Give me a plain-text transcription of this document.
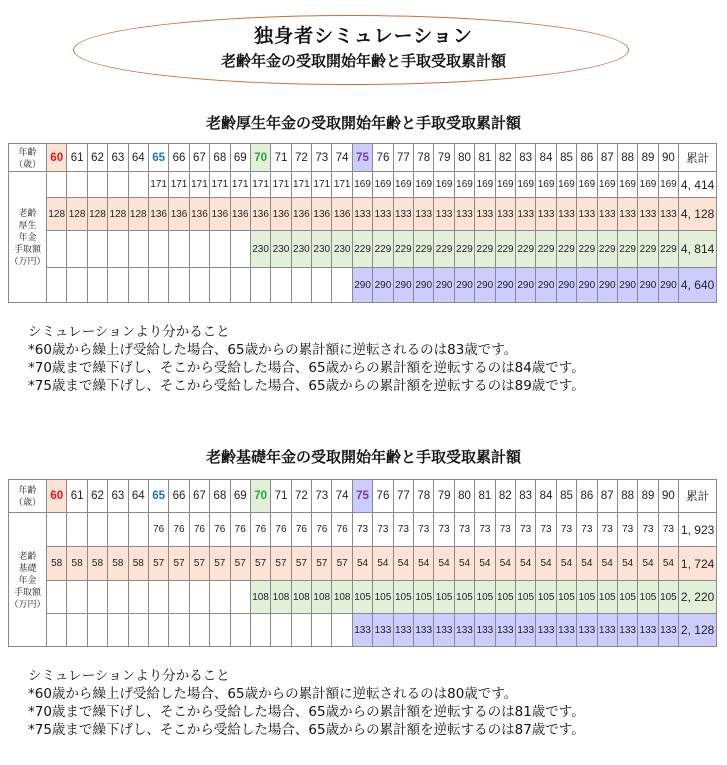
独身者シミュレーション
老齢年金の受取開始年齢と手取受取累計額
老齢厚生年金の受取開始年齢と手取受取累計額
年齢
（歳）	60	61	62	63	64	65	66	67	68	69	70	71	72	73	74	75	76	77	78	79	80	81	82	83	84	85	86	87	88	89	90	累計

老齢
厚生
年金
手取額
（万円）						171	171	171	171	171	171	171	171	171	171	169	169	169	169	169	169	169	169	169	169	169	169	169	169	169	169	4, 414
	128	128	128	128	128	136	136	136	136	136	136	136	136	136	136	133	133	133	133	133	133	133	133	133	133	133	133	133	133	133	133	4, 128
											230	230	230	230	230	229	229	229	229	229	229	229	229	229	229	229	229	229	229	229	229	4, 814
																290	290	290	290	290	290	290	290	290	290	290	290	290	290	290	290	4, 640
シミュレーションより分かること
*60歳から繰上げ受給した場合、65歳からの累計額に逆転されるのは83歳です。
*70歳まで繰下げし、そこから受給した場合、65歳からの累計額を逆転するのは84歳です。
*75歳まで繰下げし、そこから受給した場合、65歳からの累計額を逆転するのは89歳です。
老齢基礎年金の受取開始年齢と手取受取累計額
年齢
（歳）	60	61	62	63	64	65	66	67	68	69	70	71	72	73	74	75	76	77	78	79	80	81	82	83	84	85	86	87	88	89	90	累計

老齢
基礎
年金
手取額
（万円）						76	76	76	76	76	76	76	76	76	76	73	73	73	73	73	73	73	73	73	73	73	73	73	73	73	73	1, 923
	58	58	58	58	58	57	57	57	57	57	57	57	57	57	57	54	54	54	54	54	54	54	54	54	54	54	54	54	54	54	54	1, 724
											108	108	108	108	108	105	105	105	105	105	105	105	105	105	105	105	105	105	105	105	105	2, 220
																133	133	133	133	133	133	133	133	133	133	133	133	133	133	133	133	2, 128
シミュレーションより分かること
*60歳から繰上げ受給した場合、65歳からの累計額に逆転されるのは80歳です。
*70歳まで繰下げし、そこから受給した場合、65歳からの累計額を逆転するのは81歳です。
*75歳まで繰下げし、そこから受給した場合、65歳からの累計額を逆転するのは87歳です。
